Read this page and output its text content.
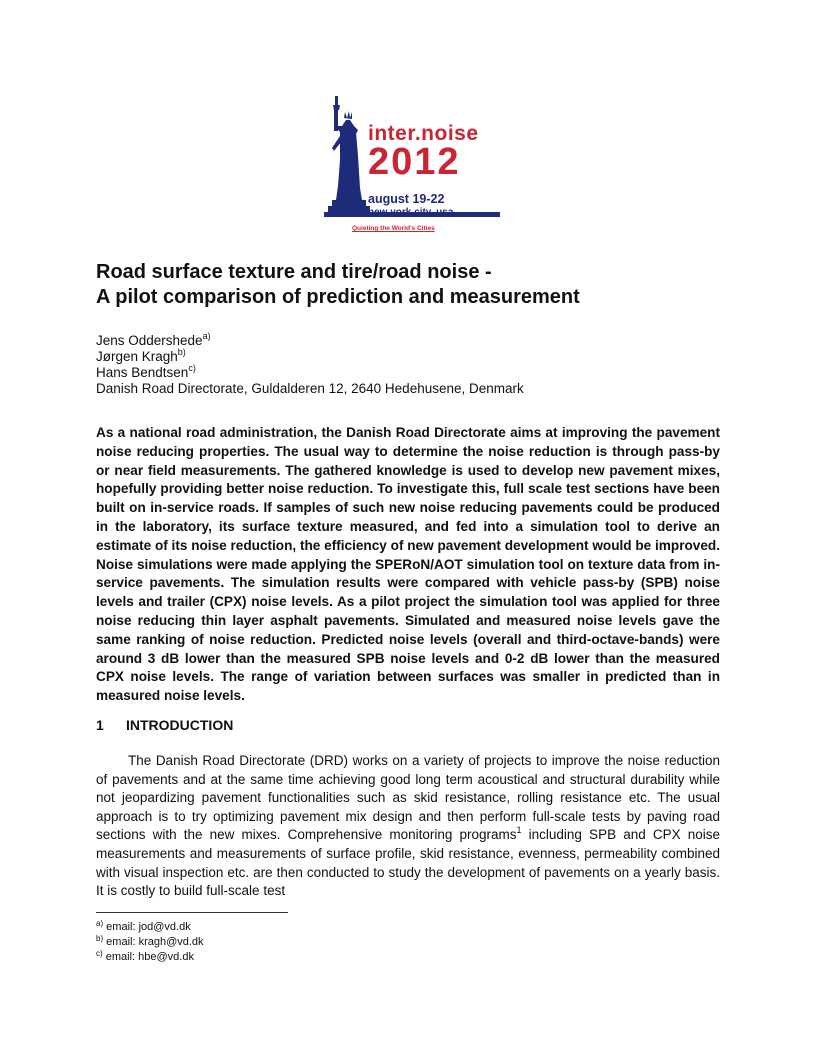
inter.noise
2012
august 19-22
new york city, usa
Quieting the World's Cities
Road surface texture and tire/road noise -
A pilot comparison of prediction and measurement
Jens Oddershede$^{a)}$
Jørgen Kragh$^{b)}$
Hans Bendtsen$^{c)}$
Danish Road Directorate, Guldalderen 12, 2640 Hedehusene, Denmark

As a national road administration, the Danish Road Directorate aims at improving the pavement noise reducing properties. The usual way to determine the noise reduction is through pass-by or near field measurements. The gathered knowledge is used to develop new pavement mixes, hopefully providing better noise reduction. To investigate this, full scale test sections have been built on in-service roads. If samples of such new noise reducing pavements could be produced in the laboratory, its surface texture measured, and fed into a simulation tool to derive an estimate of its noise reduction, the efficiency of new pavement development would be improved. Noise simulations were made applying the SPERoN/AOT simulation tool on texture data from in-service pavements. The simulation results were compared with vehicle pass-by (SPB) noise levels and trailer (CPX) noise levels. As a pilot project the simulation tool was applied for three noise reducing thin layer asphalt pavements. Simulated and measured noise levels gave the same ranking of noise reduction. Predicted noise levels (overall and third-octave-bands) were around 3 dB lower than the measured SPB noise levels and 0-2 dB lower than the measured CPX noise levels. The range of variation between surfaces was smaller in predicted than in measured noise levels.

1 INTRODUCTION

The Danish Road Directorate (DRD) works on a variety of projects to improve the noise reduction of pavements and at the same time achieving good long term acoustical and structural durability while not jeopardizing pavement functionalities such as skid resistance, rolling resistance etc. The usual approach is to try optimizing pavement mix design and then perform full-scale tests by paving road sections with the new mixes. Comprehensive monitoring programs$^1$ including SPB and CPX noise measurements and measurements of surface profile, skid resistance, evenness, permeability combined with visual inspection etc. are then conducted to study the development of pavements on a yearly basis. It is costly to build full-scale test

$^{a)}$ email: jod@vd.dk
$^{b)}$ email: kragh@vd.dk
$^{c)}$ email: hbe@vd.dk
